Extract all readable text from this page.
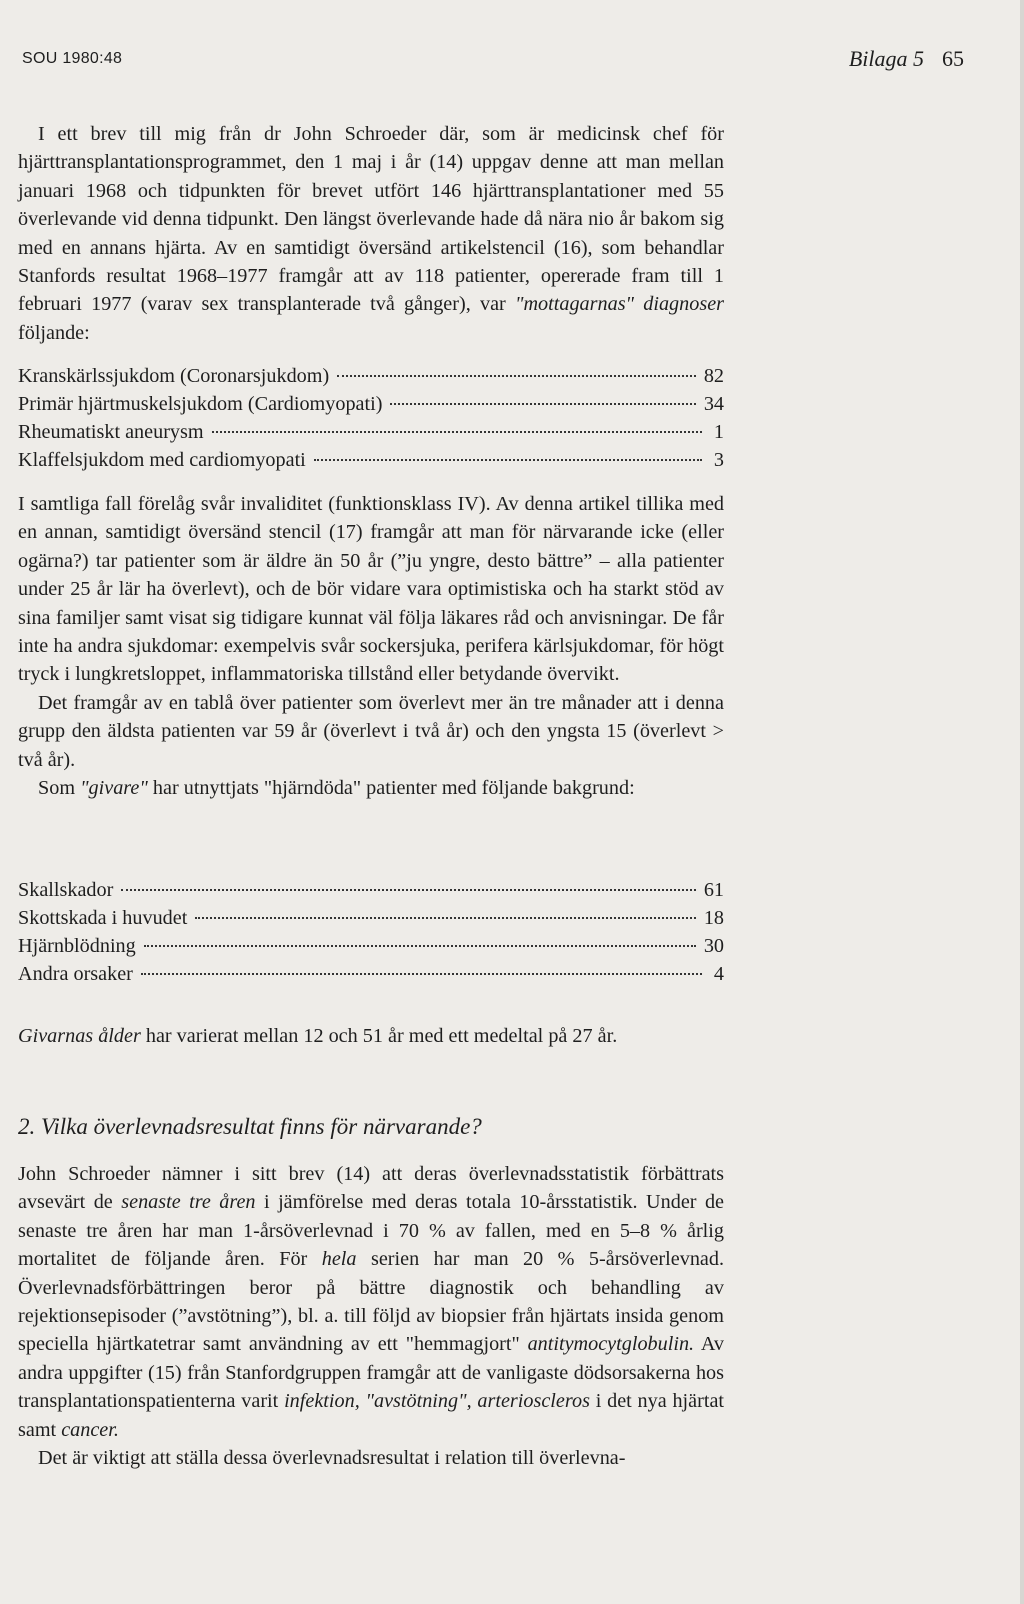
SOU 1980:48	Bilaga 5 65

I ett brev till mig från dr John Schroeder där, som är medicinsk chef för hjärttransplantationsprogrammet, den 1 maj i år (14) uppgav denne att man mellan januari 1968 och tidpunkten för brevet utfört 146 hjärttransplantationer med 55 överlevande vid denna tidpunkt. Den längst överlevande hade då nära nio år bakom sig med en annans hjärta. Av en samtidigt översänd artikelstencil (16), som behandlar Stanfords resultat 1968–1977 framgår att av 118 patienter, opererade fram till 1 februari 1977 (varav sex transplanterade två gånger), var "mottagarnas" diagnoser följande:

Kranskärlssjukdom (Coronarsjukdom)	82
Primär hjärtmuskelsjukdom (Cardiomyopati)	34
Rheumatiskt aneurysm	1
Klaffelsjukdom med cardiomyopati	3

I samtliga fall förelåg svår invaliditet (funktionsklass IV). Av denna artikel tillika med en annan, samtidigt översänd stencil (17) framgår att man för närvarande icke (eller ogärna?) tar patienter som är äldre än 50 år (”ju yngre, desto bättre” – alla patienter under 25 år lär ha överlevt), och de bör vidare vara optimistiska och ha starkt stöd av sina familjer samt visat sig tidigare kunnat väl följa läkares råd och anvisningar. De får inte ha andra sjukdomar: exempelvis svår sockersjuka, perifera kärlsjukdomar, för högt tryck i lungkretsloppet, inflammatoriska tillstånd eller betydande övervikt.

Det framgår av en tablå över patienter som överlevt mer än tre månader att i denna grupp den äldsta patienten var 59 år (överlevt i två år) och den yngsta 15 (överlevt > två år).

Som "givare" har utnyttjats "hjärndöda" patienter med följande bakgrund:

Skallskador	61
Skottskada i huvudet	18
Hjärnblödning	30
Andra orsaker	4

Givarnas ålder har varierat mellan 12 och 51 år med ett medeltal på 27 år.

2. Vilka överlevnadsresultat finns för närvarande?

John Schroeder nämner i sitt brev (14) att deras överlevnadsstatistik förbättrats avsevärt de senaste tre åren i jämförelse med deras totala 10-årsstatistik. Under de senaste tre åren har man 1-årsöverlevnad i 70 % av fallen, med en 5–8 % årlig mortalitet de följande åren. För hela serien har man 20 % 5-årsöverlevnad. Överlevnadsförbättringen beror på bättre diagnostik och behandling av rejektionsepisoder (”avstötning”), bl. a. till följd av biopsier från hjärtats insida genom speciella hjärtkatetrar samt användning av ett "hemmagjort" antitymocytglobulin. Av andra uppgifter (15) från Stanfordgruppen framgår att de vanligaste dödsorsakerna hos transplantationspatienterna varit infektion, "avstötning", arterioscleros i det nya hjärtat samt cancer.

Det är viktigt att ställa dessa överlevnadsresultat i relation till överlevna-
